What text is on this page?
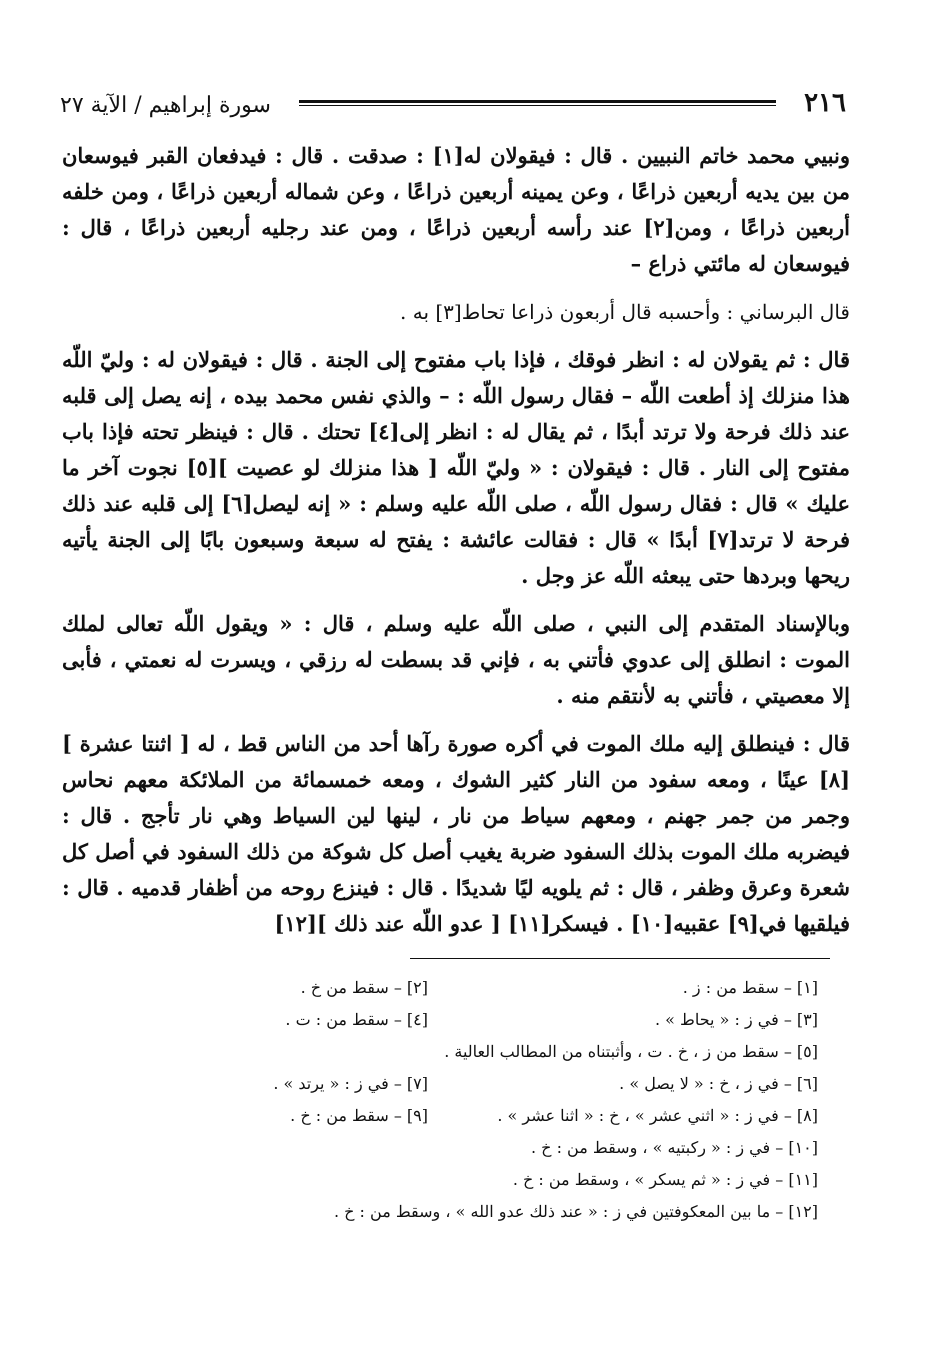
٢١٦
سورة إبراهيم / الآية ٢٧

ونبيي محمد خاتم النبيين . قال : فيقولان له[١] : صدقت . قال : فيدفعان القبر فيوسعان من بين يديه أربعين ذراعًا ، وعن يمينه أربعين ذراعًا ، وعن شماله أربعين ذراعًا ، ومن خلفه أربعين ذراعًا ، ومن[٢] عند رأسه أربعين ذراعًا ، ومن عند رجليه أربعين ذراعًا ، قال : فيوسعان له مائتي ذراع –

قال البرساني : وأحسبه قال أربعون ذراعا تحاط[٣] به .

قال : ثم يقولان له : انظر فوقك ، فإذا باب مفتوح إلى الجنة . قال : فيقولان له : وليّ اللّه هذا منزلك إذ أطعت اللّه – فقال رسول اللّه : – والذي نفس محمد بيده ، إنه يصل إلى قلبه عند ذلك فرحة ولا ترتد أبدًا ، ثم يقال له : انظر إلى[٤] تحتك . قال : فينظر تحته فإذا باب مفتوح إلى النار . قال : فيقولان : « وليّ اللّه [ هذا منزلك لو عصيت ][٥] نجوت آخر ما عليك » قال : فقال رسول اللّه ، صلى اللّه عليه وسلم : « إنه ليصل[٦] إلى قلبه عند ذلك فرحة لا ترتد[٧] أبدًا » قال : فقالت عائشة : يفتح له سبعة وسبعون بابًا إلى الجنة يأتيه ريحها وبردها حتى يبعثه اللّه عز وجل .

وبالإسناد المتقدم إلى النبي ، صلى اللّه عليه وسلم ، قال : « ويقول اللّه تعالى لملك الموت : انطلق إلى عدوي فأتني به ، فإني قد بسطت له رزقي ، ويسرت له نعمتي ، فأبى إلا معصيتي ، فأتني به لأنتقم منه .

قال : فينطلق إليه ملك الموت في أكره صورة رآها أحد من الناس قط ، له [ اثنتا عشرة ][٨] عينًا ، ومعه سفود من النار كثير الشوك ، ومعه خمسمائة من الملائكة معهم نحاس وجمر من جمر جهنم ، ومعهم سياط من نار ، لينها لين السياط وهي نار تأجج . قال : فيضربه ملك الموت بذلك السفود ضربة يغيب أصل كل شوكة من ذلك السفود في أصل كل شعرة وعرق وظفر ، قال : ثم يلويه ليًا شديدًا . قال : فينزع روحه من أظفار قدميه . قال : فيلقيها في[٩] عقبيه[١٠] . فيسكر[١١] [ عدو اللّه عند ذلك ][١٢]

[١] – سقط من : ز .
[٢] – سقط من خ .
[٣] – في ز : « يحاط » .
[٤] – سقط من : ت .
[٥] – سقط من ز ، خ . ت ، وأثبتناه من المطالب العالية .
[٦] – في ز ، خ : « لا يصل » .
[٧] – في ز : « يرتد » .
[٨] – في ز : « اثني عشر » ، خ : « اثنا عشر » .
[٩] – سقط من : خ .
[١٠] – في ز : « ركبتيه » ، وسقط من : خ .
[١١] – في ز : « ثم يسكر » ، وسقط من : خ .
[١٢] – ما بين المعكوفتين في ز : « عند ذلك عدو الله » ، وسقط من : خ .
